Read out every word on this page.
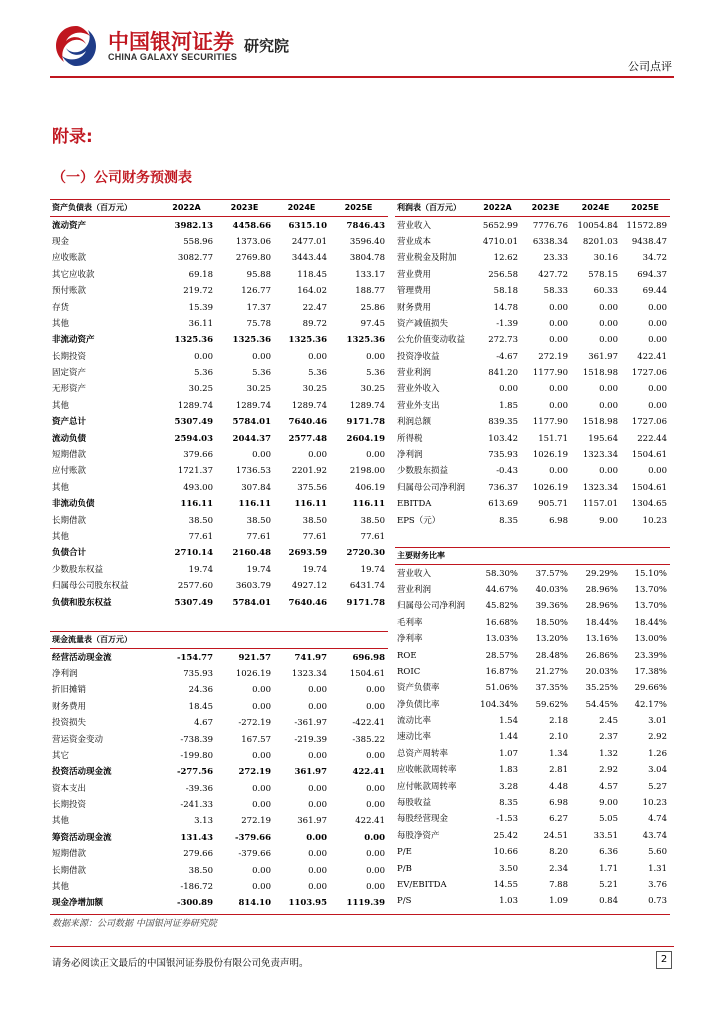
中国银河证券
CHINA GALAXY SECURITIES
研究院
公司点评
附录:
（一）公司财务预测表
资产负债表（百万元）	2022A	2023E	2024E	2025E
流动资产	3982.13	4458.66	6315.10	7846.43
现金	558.96	1373.06	2477.01	3596.40
应收账款	3082.77	2769.80	3443.44	3804.78
其它应收款	69.18	95.88	118.45	133.17
预付账款	219.72	126.77	164.02	188.77
存货	15.39	17.37	22.47	25.86
其他	36.11	75.78	89.72	97.45
非流动资产	1325.36	1325.36	1325.36	1325.36
长期投资	0.00	0.00	0.00	0.00
固定资产	5.36	5.36	5.36	5.36
无形资产	30.25	30.25	30.25	30.25
其他	1289.74	1289.74	1289.74	1289.74
资产总计	5307.49	5784.01	7640.46	9171.78
流动负债	2594.03	2044.37	2577.48	2604.19
短期借款	379.66	0.00	0.00	0.00
应付账款	1721.37	1736.53	2201.92	2198.00
其他	493.00	307.84	375.56	406.19
非流动负债	116.11	116.11	116.11	116.11
长期借款	38.50	38.50	38.50	38.50
其他	77.61	77.61	77.61	77.61
负债合计	2710.14	2160.48	2693.59	2720.30
少数股东权益	19.74	19.74	19.74	19.74
归属母公司股东权益	2577.60	3603.79	4927.12	6431.74
负债和股东权益	5307.49	5784.01	7640.46	9171.78
利润表（百万元）	2022A	2023E	2024E	2025E
营业收入	5652.99	7776.76	10054.84	11572.89
营业成本	4710.01	6338.34	8201.03	9438.47
营业税金及附加	12.62	23.33	30.16	34.72
营业费用	256.58	427.72	578.15	694.37
管理费用	58.18	58.33	60.33	69.44
财务费用	14.78	0.00	0.00	0.00
资产减值损失	-1.39	0.00	0.00	0.00
公允价值变动收益	272.73	0.00	0.00	0.00
投资净收益	-4.67	272.19	361.97	422.41
营业利润	841.20	1177.90	1518.98	1727.06
营业外收入	0.00	0.00	0.00	0.00
营业外支出	1.85	0.00	0.00	0.00
利润总额	839.35	1177.90	1518.98	1727.06
所得税	103.42	151.71	195.64	222.44
净利润	735.93	1026.19	1323.34	1504.61
少数股东损益	-0.43	0.00	0.00	0.00
归属母公司净利润	736.37	1026.19	1323.34	1504.61
EBITDA	613.69	905.71	1157.01	1304.65
EPS（元）	8.35	6.98	9.00	10.23
主要财务比率				
营业收入	58.30%	37.57%	29.29%	15.10%
营业利润	44.67%	40.03%	28.96%	13.70%
归属母公司净利润	45.82%	39.36%	28.96%	13.70%
毛利率	16.68%	18.50%	18.44%	18.44%
净利率	13.03%	13.20%	13.16%	13.00%
ROE	28.57%	28.48%	26.86%	23.39%
ROIC	16.87%	21.27%	20.03%	17.38%
资产负债率	51.06%	37.35%	35.25%	29.66%
净负债比率	104.34%	59.62%	54.45%	42.17%
流动比率	1.54	2.18	2.45	3.01
速动比率	1.44	2.10	2.37	2.92
总资产周转率	1.07	1.34	1.32	1.26
应收帐款周转率	1.83	2.81	2.92	3.04
应付帐款周转率	3.28	4.48	4.57	5.27
每股收益	8.35	6.98	9.00	10.23
每股经营现金	-1.53	6.27	5.05	4.74
每股净资产	25.42	24.51	33.51	43.74
P/E	10.66	8.20	6.36	5.60
P/B	3.50	2.34	1.71	1.31
EV/EBITDA	14.55	7.88	5.21	3.76
P/S	1.03	1.09	0.84	0.73
现金流量表（百万元）				
经营活动现金流	-154.77	921.57	741.97	696.98
净利润	735.93	1026.19	1323.34	1504.61
折旧摊销	24.36	0.00	0.00	0.00
财务费用	18.45	0.00	0.00	0.00
投资损失	4.67	-272.19	-361.97	-422.41
营运资金变动	-738.39	167.57	-219.39	-385.22
其它	-199.80	0.00	0.00	0.00
投资活动现金流	-277.56	272.19	361.97	422.41
资本支出	-39.36	0.00	0.00	0.00
长期投资	-241.33	0.00	0.00	0.00
其他	3.13	272.19	361.97	422.41
筹资活动现金流	131.43	-379.66	0.00	0.00
短期借款	279.66	-379.66	0.00	0.00
长期借款	38.50	0.00	0.00	0.00
其他	-186.72	0.00	0.00	0.00
现金净增加额	-300.89	814.10	1103.95	1119.39
数据来源：公司数据 中国银河证券研究院
请务必阅读正文最后的中国银河证券股份有限公司免责声明。	2
